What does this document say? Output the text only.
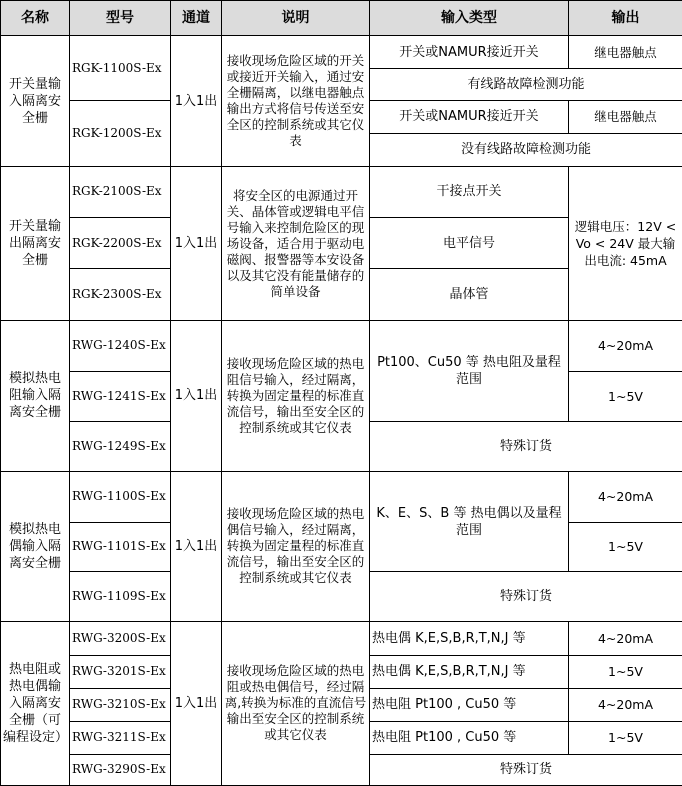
名称	型号	通道	说明	输入类型	输出
开关量输入隔离安全栅	RGK-1100S-Ex	1入1出	接收现场危险区域的开关或接近开关输入，通过安全栅隔离，以继电器触点输出方式将信号传送至安全区的控制系统或其它仪表	开关或NAMUR接近开关	继电器触点
				有线路故障检测功能	
	RGK-1200S-Ex			开关或NAMUR接近开关	继电器触点
				没有线路故障检测功能	
开关量输出隔离安全栅	RGK-2100S-Ex	1入1出	将安全区的电源通过开关、晶体管或逻辑电平信号输入来控制危险区的现场设备，适合用于驱动电磁阀、报警器等本安设备以及其它没有能量储存的简单设备	干接点开关	逻辑电压：12V < Vo < 24V 最大输出电流: 45mA
	RGK-2200S-Ex			电平信号	
	RGK-2300S-Ex			晶体管	
模拟热电阻输入隔离安全栅	RWG-1240S-Ex	1入1出	接收现场危险区域的热电阻信号输入，经过隔离，转换为固定量程的标准直流信号，输出至安全区的控制系统或其它仪表	Pt100、Cu50 等 热电阻及量程范围	4~20mA
	RWG-1241S-Ex				1~5V
	RWG-1249S-Ex			特殊订货	
模拟热电偶输入隔离安全栅	RWG-1100S-Ex	1入1出	接收现场危险区域的热电偶信号输入，经过隔离，转换为固定量程的标准直流信号，输出至安全区的控制系统或其它仪表	K、E、S、B 等 热电偶以及量程范围	4~20mA
	RWG-1101S-Ex				1~5V
	RWG-1109S-Ex			特殊订货	
热电阻或热电偶输入隔离安全栅（可编程设定）	RWG-3200S-Ex	1入1出	接收现场危险区域的热电阻或热电偶信号，经过隔离,转换为标准的直流信号输出至安全区的控制系统或其它仪表	热电偶 K,E,S,B,R,T,N,J 等	4~20mA
	RWG-3201S-Ex			热电偶 K,E,S,B,R,T,N,J 等	1~5V
	RWG-3210S-Ex			热电阻 Pt100 , Cu50 等	4~20mA
	RWG-3211S-Ex			热电阻 Pt100 , Cu50 等	1~5V
	RWG-3290S-Ex			特殊订货	
